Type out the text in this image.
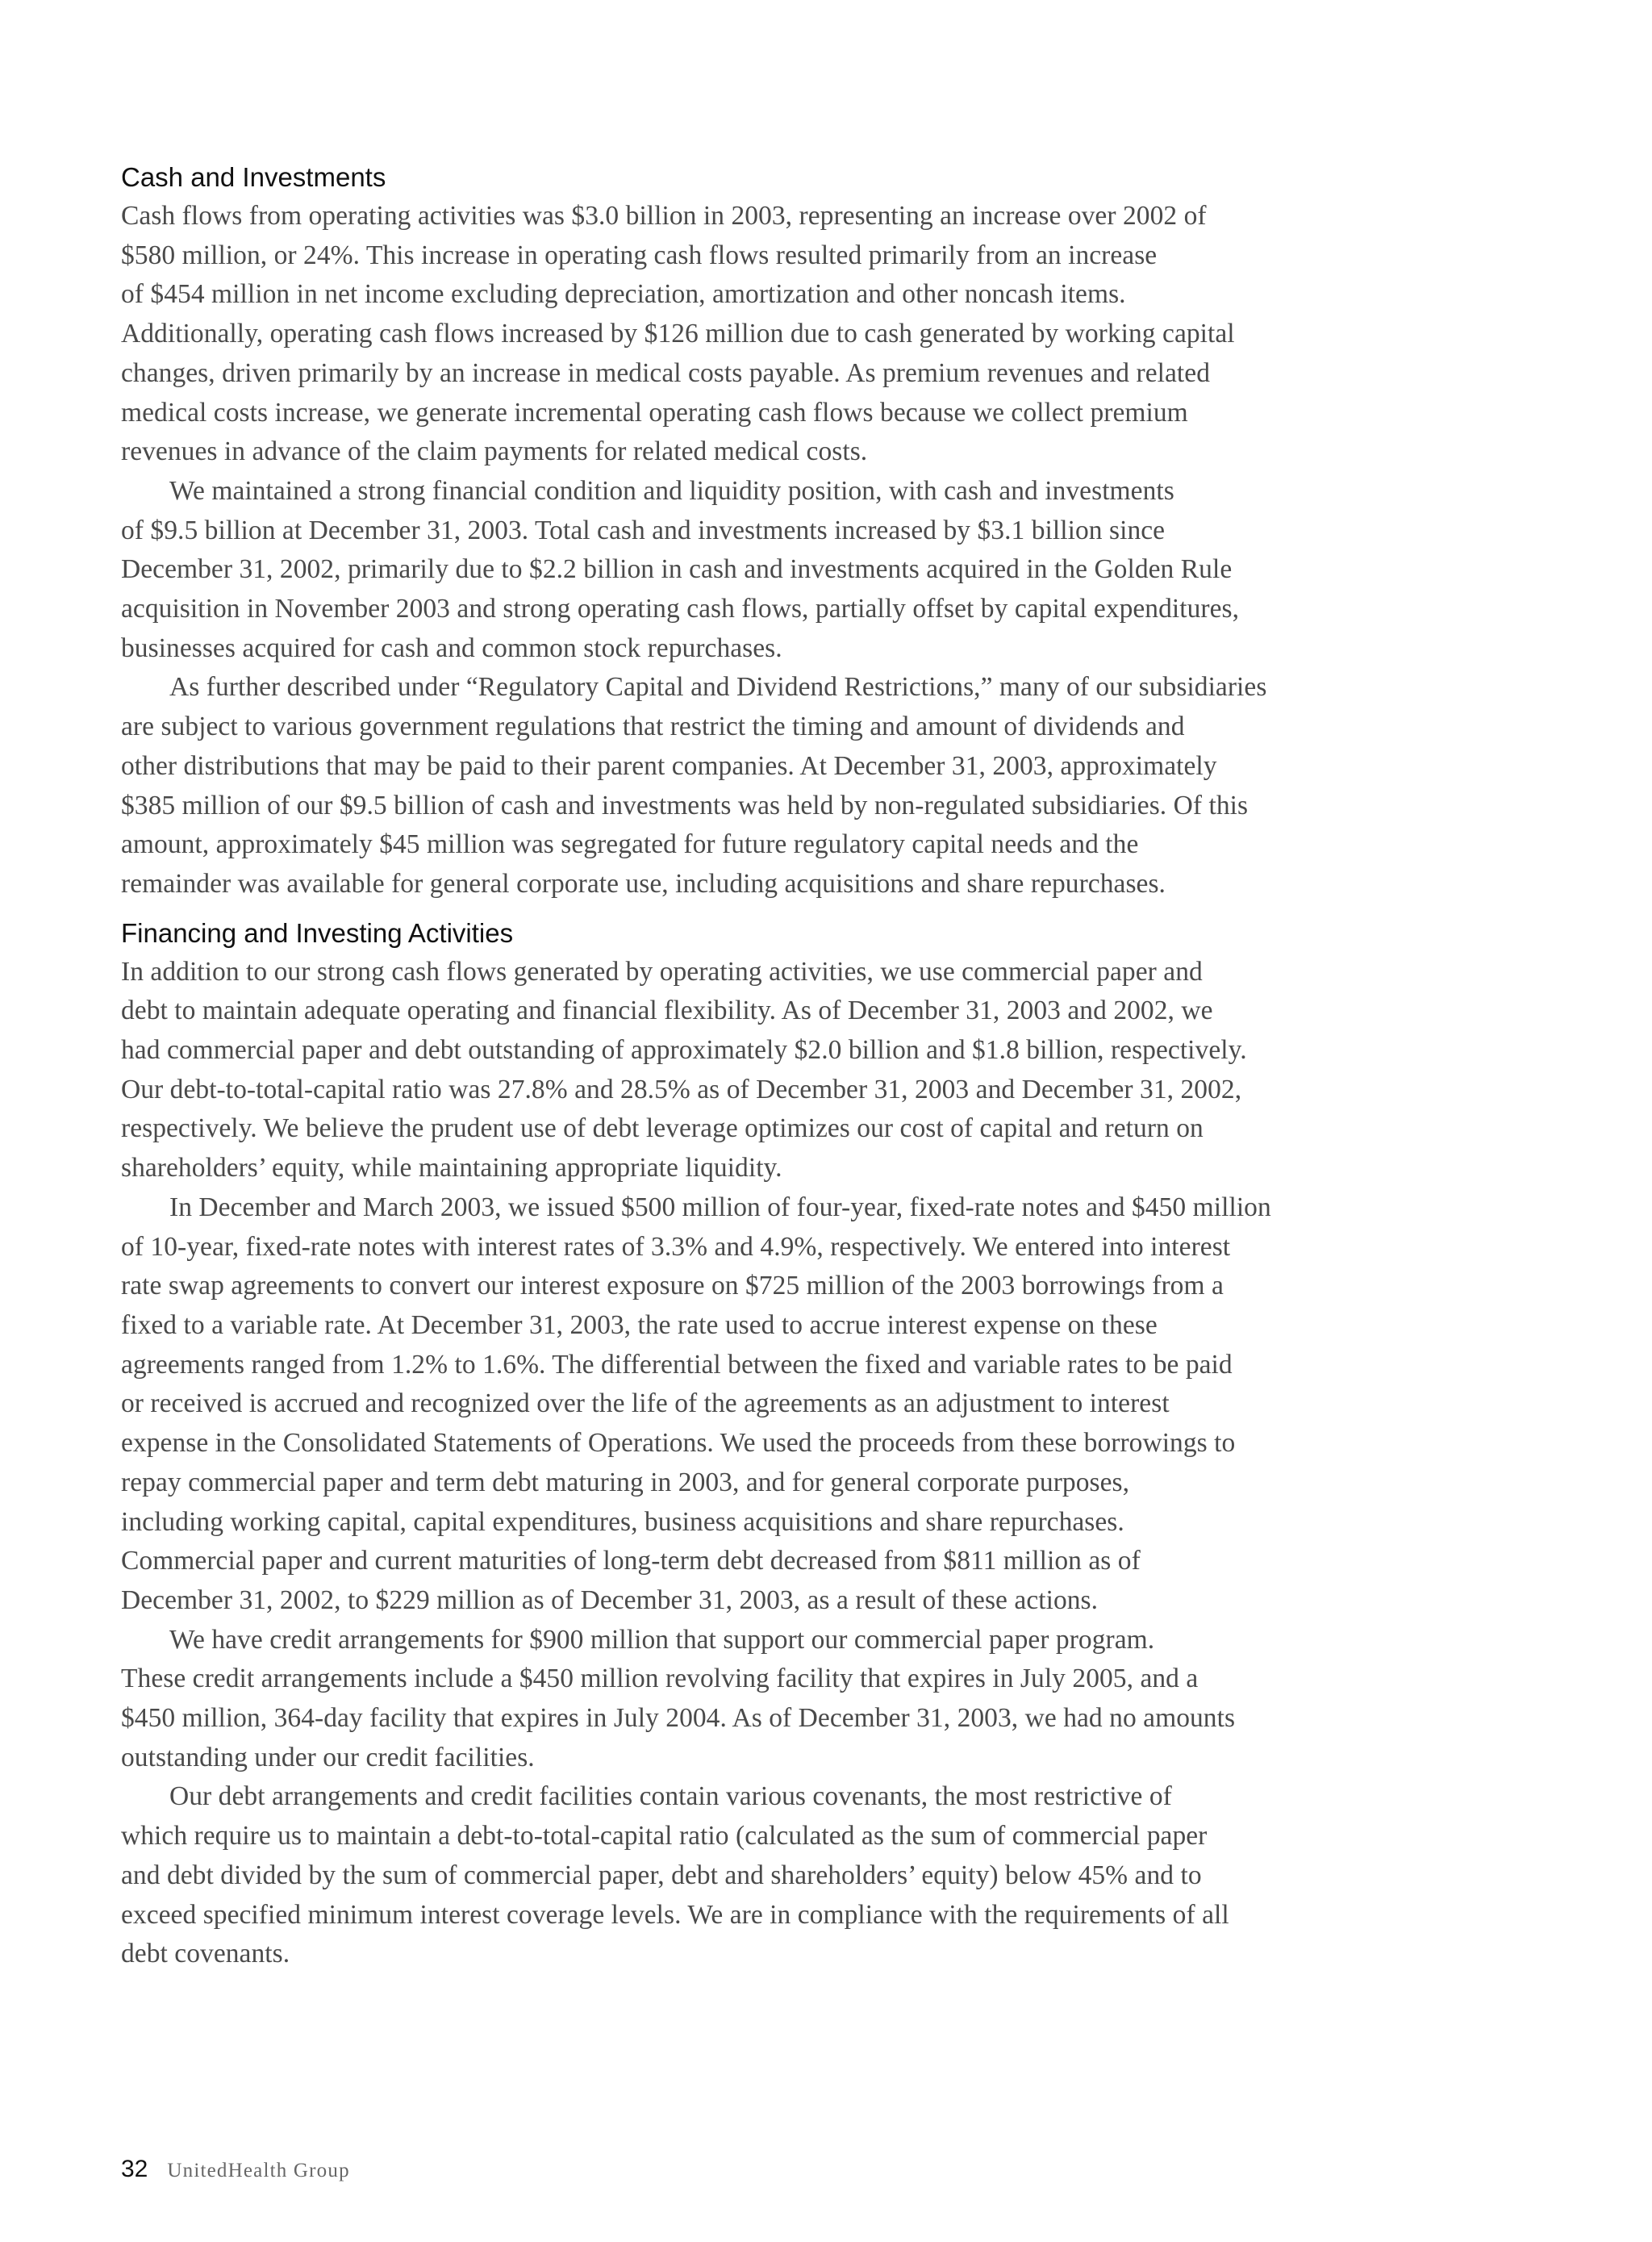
Cash and Investments

Cash flows from operating activities was $3.0 billion in 2003, representing an increase over 2002 of
$580 million, or 24%. This increase in operating cash flows resulted primarily from an increase
of $454 million in net income excluding depreciation, amortization and other noncash items.
Additionally, operating cash flows increased by $126 million due to cash generated by working capital
changes, driven primarily by an increase in medical costs payable. As premium revenues and related
medical costs increase, we generate incremental operating cash flows because we collect premium
revenues in advance of the claim payments for related medical costs.

We maintained a strong financial condition and liquidity position, with cash and investments
of $9.5 billion at December 31, 2003. Total cash and investments increased by $3.1 billion since
December 31, 2002, primarily due to $2.2 billion in cash and investments acquired in the Golden Rule
acquisition in November 2003 and strong operating cash flows, partially offset by capital expenditures,
businesses acquired for cash and common stock repurchases.

As further described under “Regulatory Capital and Dividend Restrictions,” many of our subsidiaries
are subject to various government regulations that restrict the timing and amount of dividends and
other distributions that may be paid to their parent companies. At December 31, 2003, approximately
$385 million of our $9.5 billion of cash and investments was held by non-regulated subsidiaries. Of this
amount, approximately $45 million was segregated for future regulatory capital needs and the
remainder was available for general corporate use, including acquisitions and share repurchases.

Financing and Investing Activities

In addition to our strong cash flows generated by operating activities, we use commercial paper and
debt to maintain adequate operating and financial flexibility. As of December 31, 2003 and 2002, we
had commercial paper and debt outstanding of approximately $2.0 billion and $1.8 billion, respectively.
Our debt-to-total-capital ratio was 27.8% and 28.5% as of December 31, 2003 and December 31, 2002,
respectively. We believe the prudent use of debt leverage optimizes our cost of capital and return on
shareholders’ equity, while maintaining appropriate liquidity.

In December and March 2003, we issued $500 million of four-year, fixed-rate notes and $450 million
of 10-year, fixed-rate notes with interest rates of 3.3% and 4.9%, respectively. We entered into interest
rate swap agreements to convert our interest exposure on $725 million of the 2003 borrowings from a
fixed to a variable rate. At December 31, 2003, the rate used to accrue interest expense on these
agreements ranged from 1.2% to 1.6%. The differential between the fixed and variable rates to be paid
or received is accrued and recognized over the life of the agreements as an adjustment to interest
expense in the Consolidated Statements of Operations. We used the proceeds from these borrowings to
repay commercial paper and term debt maturing in 2003, and for general corporate purposes,
including working capital, capital expenditures, business acquisitions and share repurchases.
Commercial paper and current maturities of long-term debt decreased from $811 million as of
December 31, 2002, to $229 million as of December 31, 2003, as a result of these actions.

We have credit arrangements for $900 million that support our commercial paper program.
These credit arrangements include a $450 million revolving facility that expires in July 2005, and a
$450 million, 364-day facility that expires in July 2004. As of December 31, 2003, we had no amounts
outstanding under our credit facilities.

Our debt arrangements and credit facilities contain various covenants, the most restrictive of
which require us to maintain a debt-to-total-capital ratio (calculated as the sum of commercial paper
and debt divided by the sum of commercial paper, debt and shareholders’ equity) below 45% and to
exceed specified minimum interest coverage levels. We are in compliance with the requirements of all
debt covenants.

32 UnitedHealth Group
